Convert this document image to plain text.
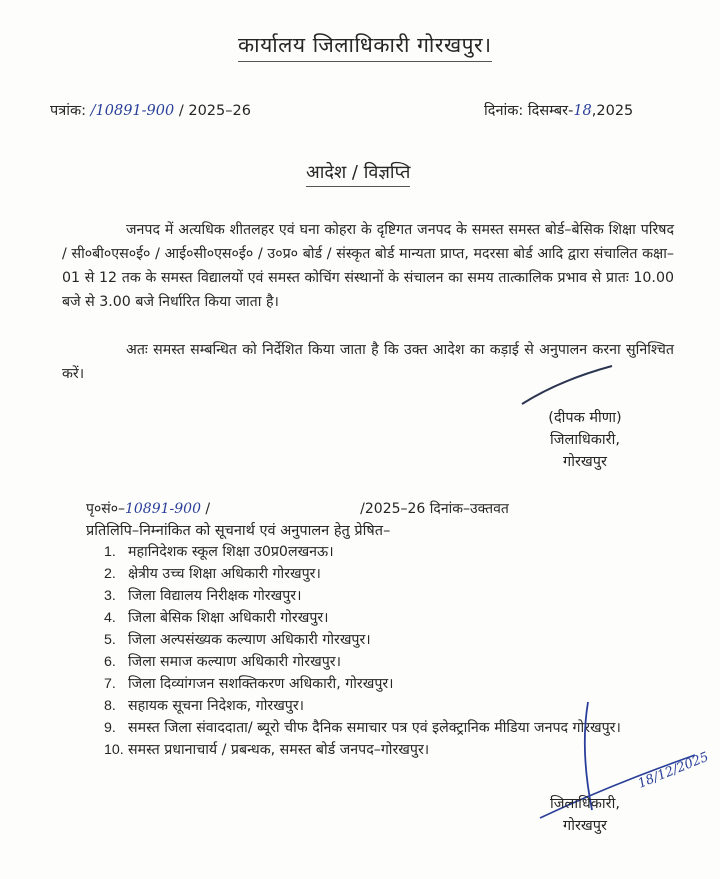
कार्यालय जिलाधिकारी गोरखपुर।
पत्रांक: /10891-900 / 2025–26	दिनांक: दिसम्बर-18,2025
आदेश / विज्ञप्ति
जनपद में अत्यधिक शीतलहर एवं घना कोहरा के दृष्टिगत जनपद के समस्त समस्त बोर्ड–बेसिक शिक्षा परिषद / सी०बी०एस०ई० / आई०सी०एस०ई० / उ०प्र० बोर्ड / संस्कृत बोर्ड मान्यता प्राप्त, मदरसा बोर्ड आदि द्वारा संचालित कक्षा–01 से 12 तक के समस्त विद्यालयों एवं समस्त कोचिंग संस्थानों के संचालन का समय तात्कालिक प्रभाव से प्रातः 10.00 बजे से 3.00 बजे निर्धारित किया जाता है।
अतः समस्त सम्बन्धित को निर्देशित किया जाता है कि उक्त आदेश का कड़ाई से अनुपालन करना सुनिश्चित करें।
(दीपक मीणा)
जिलाधिकारी,
गोरखपुर
पृ०सं०–10891-900 /	/2025–26 दिनांक–उक्तवत
प्रतिलिपि–निम्नांकित को सूचनार्थ एवं अनुपालन हेतु प्रेषित–
1. महानिदेशक स्कूल शिक्षा उ0प्र0लखनऊ।
2. क्षेत्रीय उच्च शिक्षा अधिकारी गोरखपुर।
3. जिला विद्यालय निरीक्षक गोरखपुर।
4. जिला बेसिक शिक्षा अधिकारी गोरखपुर।
5. जिला अल्पसंख्यक कल्याण अधिकारी गोरखपुर।
6. जिला समाज कल्याण अधिकारी गोरखपुर।
7. जिला दिव्यांगजन सशक्तिकरण अधिकारी, गोरखपुर।
8. सहायक सूचना निदेशक, गोरखपुर।
9. समस्त जिला संवाददाता/ ब्यूरो चीफ दैनिक समाचार पत्र एवं इलेक्ट्रानिक मीडिया जनपद गोरखपुर।
10. समस्त प्रधानाचार्य / प्रबन्धक, समस्त बोर्ड जनपद–गोरखपुर।	18/12/2025
जिलाधिकारी,
गोरखपुर
